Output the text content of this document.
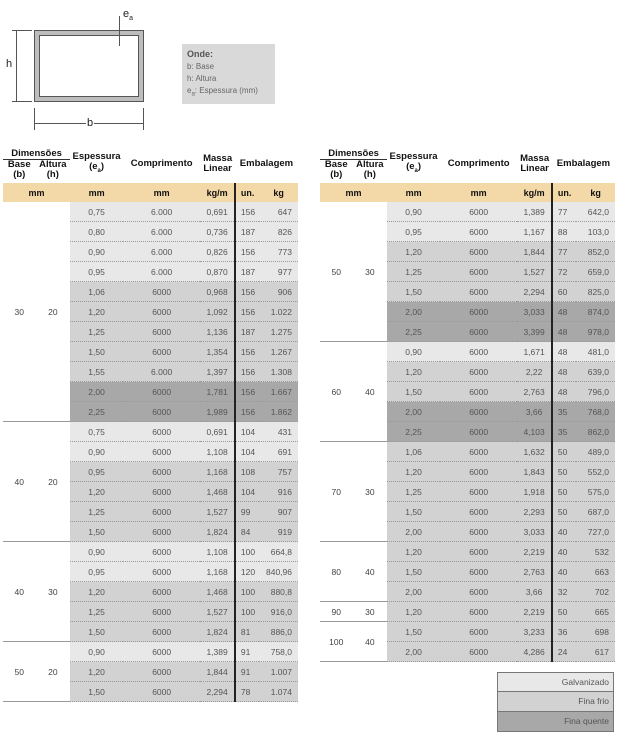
h
b
$e_a$
Onde:
b: Base
h: Altura
$e_a$: Espessura (mm)
Dimensões		Espessura
$(e_a)$	Comprimento	Massa
Linear	Embalagem	
Base
(b)	Altura
(h)					
mm		mm	mm	kg/m	un.	kg
30	20	0,75	6.000	0,691	156	647
		0,80	6.000	0,736	187	826
		0,90	6.000	0,826	156	773
		0,95	6.000	0,870	187	977
		1,06	6000	0,968	156	906
		1,20	6000	1,092	156	1.022
		1,25	6000	1,136	187	1.275
		1,50	6000	1,354	156	1.267
		1,55	6.000	1,397	156	1.308
		2,00	6000	1,781	156	1.667
		2,25	6000	1,989	156	1.862
40	20	0,75	6000	0,691	104	431
		0,90	6000	1,108	104	691
		0,95	6000	1,168	108	757
		1,20	6000	1,468	104	916
		1,25	6000	1,527	99	907
		1,50	6000	1,824	84	919
40	30	0,90	6000	1,108	100	664,8
		0,95	6000	1,168	120	840,96
		1,20	6000	1,468	100	880,8
		1,25	6000	1,527	100	916,0
		1,50	6000	1,824	81	886,0
50	20	0,90	6000	1,389	91	758,0
		1,20	6000	1,844	91	1.007
		1,50	6000	2,294	78	1.074
Dimensões		Espessura
$(e_a)$	Comprimento	Massa
Linear	Embalagem	
Base
(b)	Altura
(h)					
mm		mm	mm	kg/m	un.	kg
50	30	0,90	6000	1,389	77	642,0
		0,95	6000	1,167	88	103,0
		1,20	6000	1,844	77	852,0
		1,25	6000	1,527	72	659,0
		1,50	6000	2,294	60	825,0
		2,00	6000	3,033	48	874,0
		2,25	6000	3,399	48	978,0
60	40	0,90	6000	1,671	48	481,0
		1,20	6000	2,22	48	639,0
		1,50	6000	2,763	48	796,0
		2,00	6000	3,66	35	768,0
		2,25	6000	4,103	35	862,0
70	30	1,06	6000	1,632	50	489,0
		1,20	6000	1,843	50	552,0
		1,25	6000	1,918	50	575,0
		1,50	6000	2,293	50	687,0
		2,00	6000	3,033	40	727,0
80	40	1,20	6000	2,219	40	532
		1,50	6000	2,763	40	663
		2,00	6000	3,66	32	702
90	30	1,20	6000	2,219	50	665
100	40	1,50	6000	3,233	36	698
		2,00	6000	4,286	24	617
Galvanizado
Fina frio
Fina quente
